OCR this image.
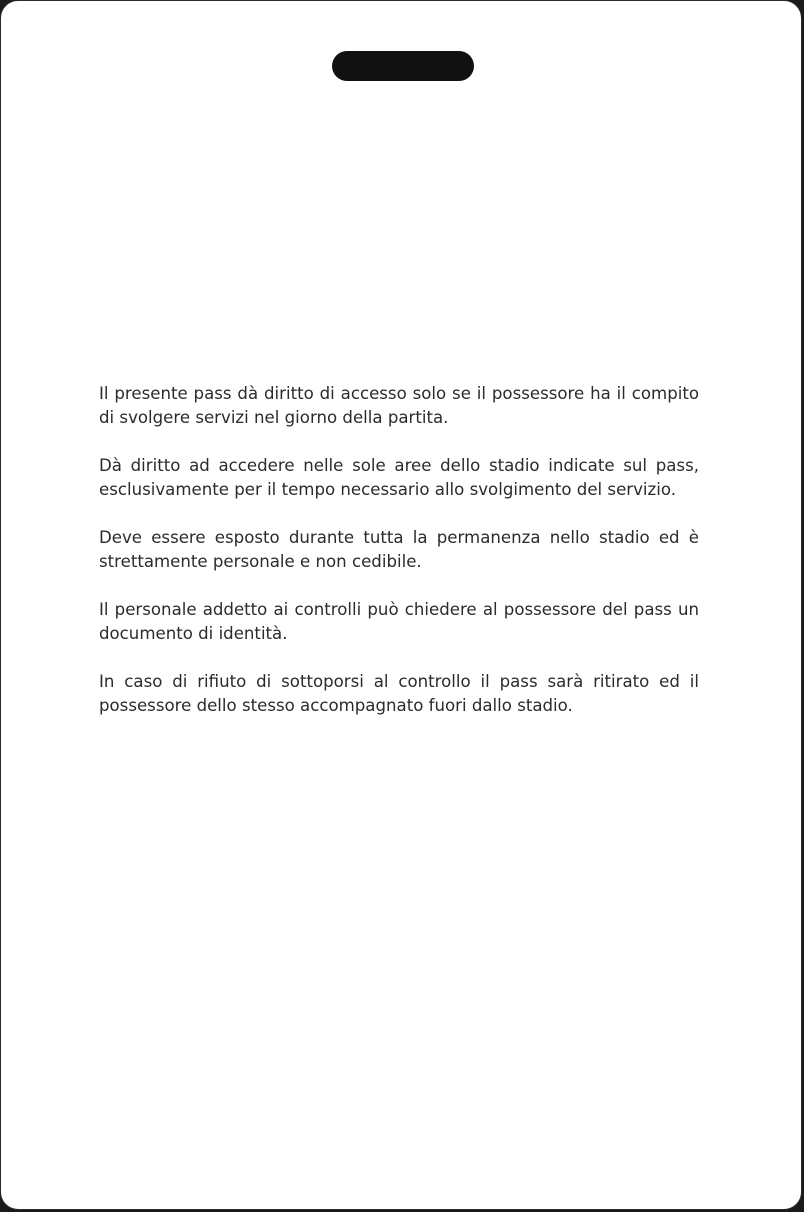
Il presente pass dà diritto di accesso solo se il possessore ha il compito di svolgere servizi nel giorno della partita.

Dà diritto ad accedere nelle sole aree dello stadio indicate sul pass, esclusivamente per il tempo necessario allo svolgimento del servizio.

Deve essere esposto durante tutta la permanenza nello stadio ed è strettamente personale e non cedibile.

Il personale addetto ai controlli può chiedere al possessore del pass un documento di identità.

In caso di rifiuto di sottoporsi al controllo il pass sarà ritirato ed il possessore dello stesso accompagnato fuori dallo stadio.
